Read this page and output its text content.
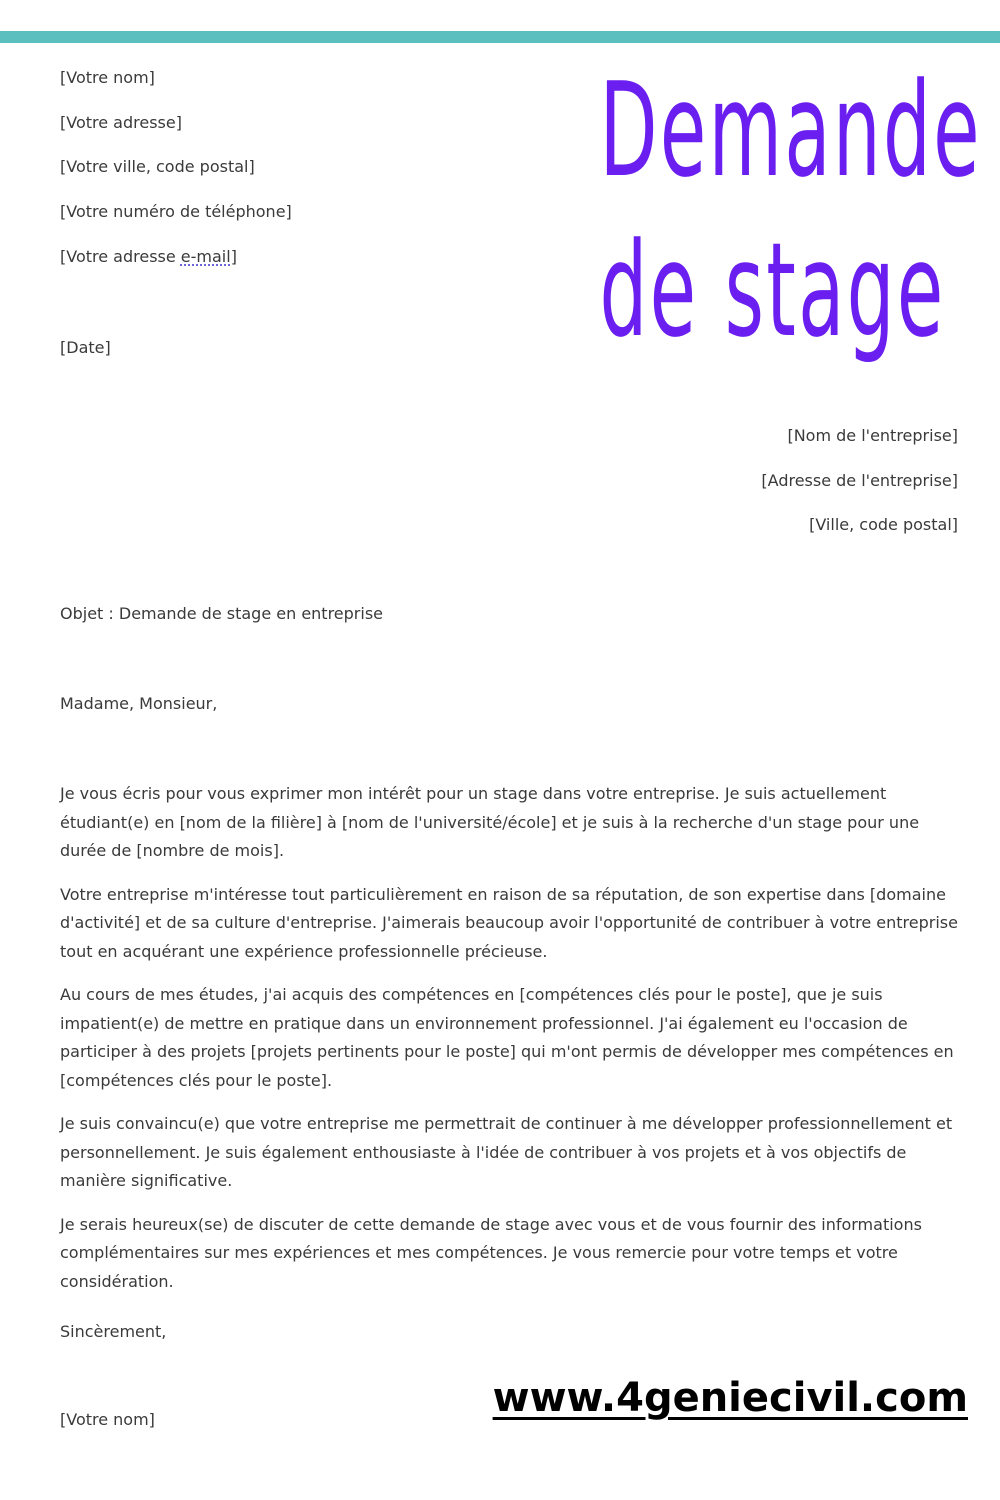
[Votre nom]
[Votre adresse]
[Votre ville, code postal]
[Votre numéro de téléphone]
[Votre adresse e-mail]
[Date]
Demande
de stage
[Nom de l'entreprise]
[Adresse de l'entreprise]
[Ville, code postal]
Objet : Demande de stage en entreprise
Madame, Monsieur,

Je vous écris pour vous exprimer mon intérêt pour un stage dans votre entreprise. Je suis actuellement étudiant(e) en [nom de la filière] à [nom de l'université/école] et je suis à la recherche d'un stage pour une durée de [nombre de mois].

Votre entreprise m'intéresse tout particulièrement en raison de sa réputation, de son expertise dans [domaine d'activité] et de sa culture d'entreprise. J'aimerais beaucoup avoir l'opportunité de contribuer à votre entreprise tout en acquérant une expérience professionnelle précieuse.

Au cours de mes études, j'ai acquis des compétences en [compétences clés pour le poste], que je suis impatient(e) de mettre en pratique dans un environnement professionnel. J'ai également eu l'occasion de participer à des projets [projets pertinents pour le poste] qui m'ont permis de développer mes compétences en [compétences clés pour le poste].

Je suis convaincu(e) que votre entreprise me permettrait de continuer à me développer professionnellement et personnellement. Je suis également enthousiaste à l'idée de contribuer à vos projets et à vos objectifs de manière significative.

Je serais heureux(se) de discuter de cette demande de stage avec vous et de vous fournir des informations complémentaires sur mes expériences et mes compétences. Je vous remercie pour votre temps et votre considération.

Sincèrement,
[Votre nom]	www.4geniecivil.com
